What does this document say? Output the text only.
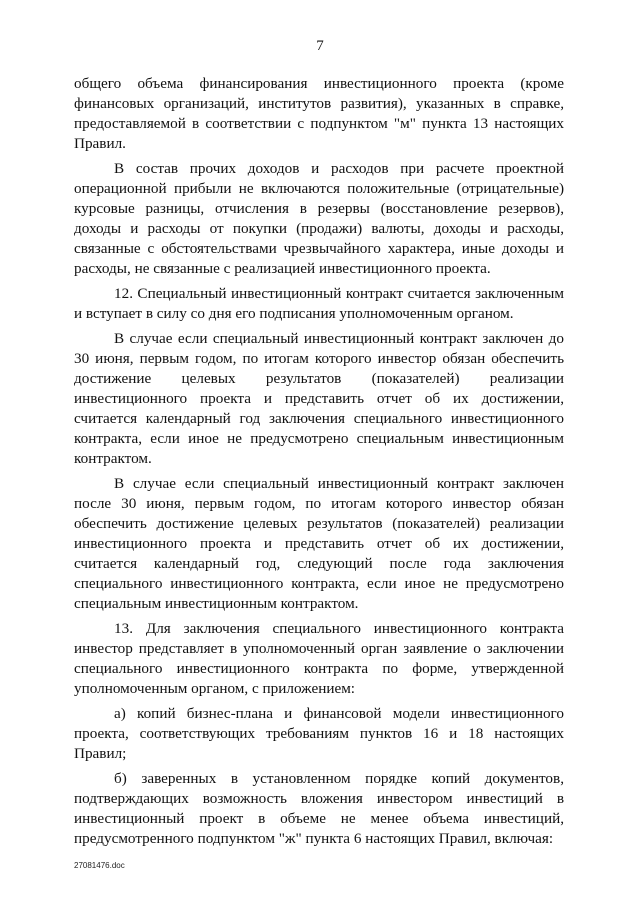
7

общего объема финансирования инвестиционного проекта (кроме финансовых организаций, институтов развития), указанных в справке, предоставляемой в соответствии с подпунктом "м" пункта 13 настоящих Правил.

В состав прочих доходов и расходов при расчете проектной операционной прибыли не включаются положительные (отрицательные) курсовые разницы, отчисления в резервы (восстановление резервов), доходы и расходы от покупки (продажи) валюты, доходы и расходы, связанные с обстоятельствами чрезвычайного характера, иные доходы и расходы, не связанные с реализацией инвестиционного проекта.

12. Специальный инвестиционный контракт считается заключенным и вступает в силу со дня его подписания уполномоченным органом.

В случае если специальный инвестиционный контракт заключен до 30 июня, первым годом, по итогам которого инвестор обязан обеспечить достижение целевых результатов (показателей) реализации инвестиционного проекта и представить отчет об их достижении, считается календарный год заключения специального инвестиционного контракта, если иное не предусмотрено специальным инвестиционным контрактом.

В случае если специальный инвестиционный контракт заключен после 30 июня, первым годом, по итогам которого инвестор обязан обеспечить достижение целевых результатов (показателей) реализации инвестиционного проекта и представить отчет об их достижении, считается календарный год, следующий после года заключения специального инвестиционного контракта, если иное не предусмотрено специальным инвестиционным контрактом.

13. Для заключения специального инвестиционного контракта инвестор представляет в уполномоченный орган заявление о заключении специального инвестиционного контракта по форме, утвержденной уполномоченным органом, с приложением:

а) копий бизнес-плана и финансовой модели инвестиционного проекта, соответствующих требованиям пунктов 16 и 18 настоящих Правил;

б) заверенных в установленном порядке копий документов, подтверждающих возможность вложения инвестором инвестиций в инвестиционный проект в объеме не менее объема инвестиций, предусмотренного подпунктом "ж" пункта 6 настоящих Правил, включая:

27081476.doc
